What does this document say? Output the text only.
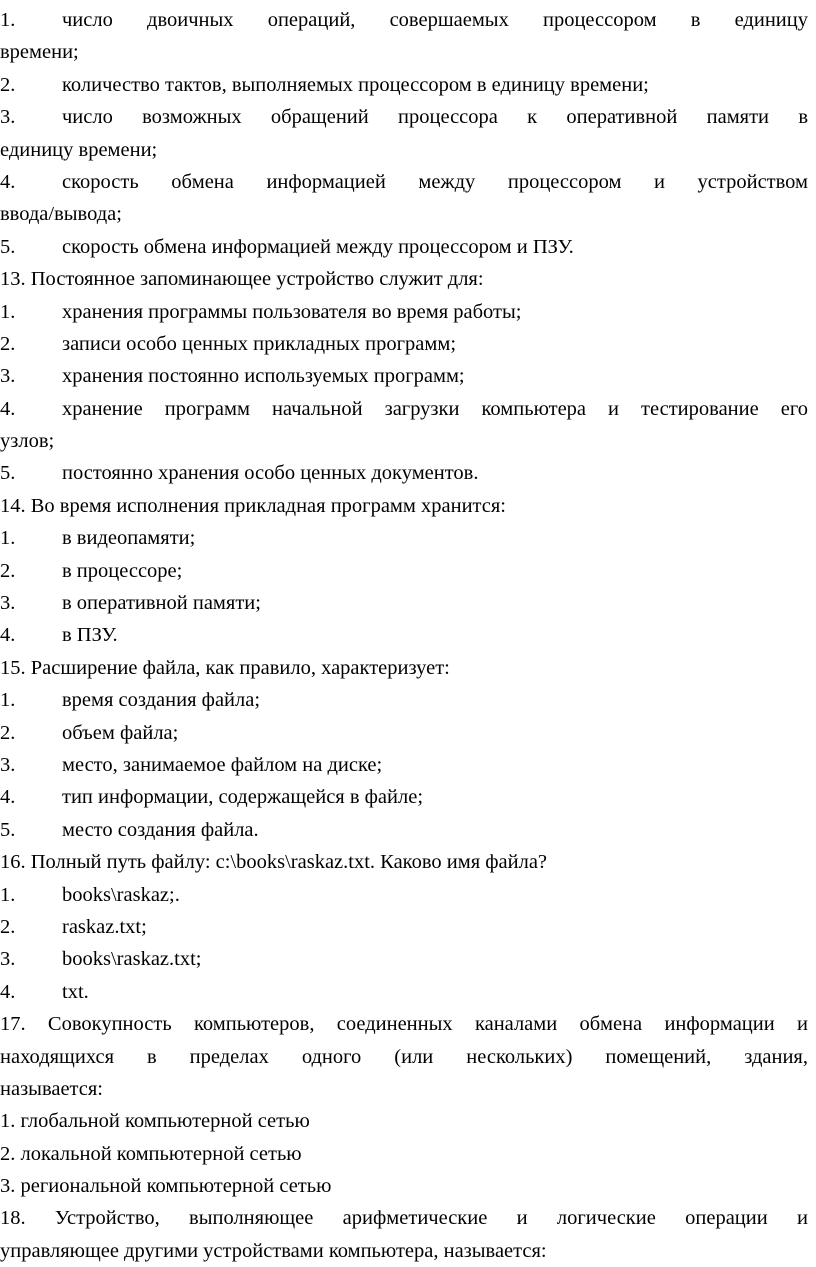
1.	число двоичных операций, совершаемых процессором в единицу
времени;
2. количество тактов, выполняемых процессором в единицу времени;
3.	число возможных обращений процессора к оперативной памяти в
единицу времени;
4.	скорость обмена информацией между процессором и устройством
ввода/вывода;
5. скорость обмена информацией между процессором и ПЗУ.
13. Постоянное запоминающее устройство служит для:
1. хранения программы пользователя во время работы;
2. записи особо ценных прикладных программ;
3. хранения постоянно используемых программ;
4.	хранение программ начальной загрузки компьютера и тестирование его
узлов;
5. постоянно хранения особо ценных документов.
14. Во время исполнения прикладная программ хранится:
1. в видеопамяти;
2. в процессоре;
3. в оперативной памяти;
4. в ПЗУ.
15. Расширение файла, как правило, характеризует:
1. время создания файла;
2. объем файла;
3. место, занимаемое файлом на диске;
4. тип информации, содержащейся в файле;
5. место создания файла.
16. Полный путь файлу: c:\books\raskaz.txt. Каково имя файла?
1. books\raskaz;.
2. raskaz.txt;
3. books\raskaz.txt;
4. txt.
17. Совокупность компьютеров, соединенных каналами обмена информации и
находящихся в пределах одного (или нескольких) помещений, здания,
называется:
1. глобальной компьютерной сетью
2. локальной компьютерной сетью
3. региональной компьютерной сетью
18. Устройство, выполняющее арифметические и логические операции и
управляющее другими устройствами компьютера, называется:
